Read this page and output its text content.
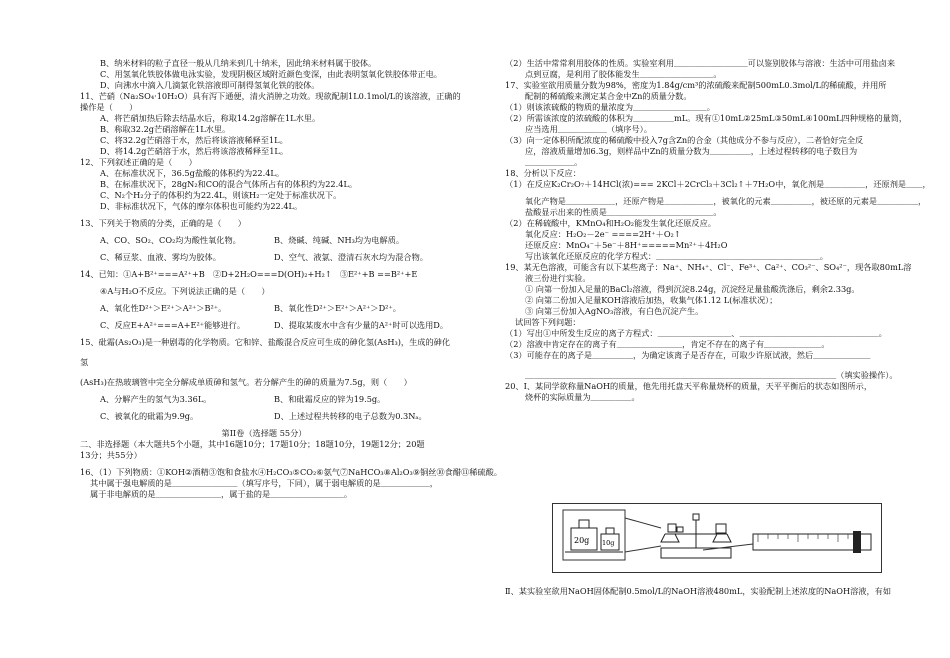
B、纳米材料的粒子直径一般从几纳米到几十纳米，因此纳米材料属于胶体。
C、用氢氧化铁胶体做电泳实验，发现阴极区域附近颜色变深，由此表明氢氧化铁胶体带正电。
D、向沸水中滴入几滴氯化铁溶液即可制得氢氧化铁的胶体。
11、芒硝（Na₂SO₄·10H₂O）具有泻下通便，清火消肿之功效。现欲配制1L0.1mol/L的该溶液，正确的
操作是（　　）
A、将芒硝加热后除去结晶水后，称取14.2g溶解在1L水里。
B、称取32.2g芒硝溶解在1L水里。
C、将32.2g芒硝溶于水，然后将该溶液稀释至1L。
D、将14.2g芒硝溶于水，然后将该溶液稀释至1L。
12、下列叙述正确的是（　　）
A、在标准状况下，36.5g盐酸的体积约为22.4L。
B、在标准状况下，28gN₂和CO的混合气体所占有的体积约为22.4L。
C、N₂个H₂分子的体积约为22.4L，则该H₂一定处于标准状况下。
D、非标准状况下，气体的摩尔体积也可能约为22.4L。
13、下列关于物质的分类，正确的是（　　）
A、CO、SO₂、CO₂均为酸性氧化物。	B、烧碱、纯碱、NH₃均为电解质。
C、稀豆浆、血液、雾均为胶体。	D、空气、液氯、澄清石灰水均为混合物。
14、已知：①A+B²⁺===A²⁺+B　②D+2H₂O===D(OH)₂+H₂↑　③E²⁺+B ==B²⁺+E
④A与H₂O不反应。下列说法正确的是（　　）
A、氧化性D²⁺＞E²⁺＞A²⁺＞B²⁺。	B、氧化性D²⁺＞E²⁺＞A²⁺＞D²⁺。
C、反应E+A²⁺===A+E²⁺能够进行。	D、提取某废水中含有少量的A²⁺时可以选用D。
15、砒霜(As₂O₃)是一种剧毒的化学物质。它和锌、盐酸混合反应可生成的砷化氢(AsH₃)，生成的砷化
氢
(AsH₃)在热玻璃管中完全分解成单质砷和氢气。若分解产生的砷的质量为7.5g，则（　　）
A、分解产生的氢气为3.36L。	B、和砒霜反应的锌为19.5g。
C、被氧化的砒霜为9.9g。	D、上述过程共转移的电子总数为0.3Nₐ。
第II卷（选择题 55分）
二、非选择题（本大题共5个小题，其中16题10分；17题10分；18题10分，19题12分；20题
13分；共55分）
16、（1）下列物质：①KOH②酒精③饱和食盐水④H₂CO₃⑤CO₂⑥氨气⑦NaHCO₃⑧Al₂O₃⑨铜丝⑩食醋⑪稀硫酸。
其中属于强电解质的是＿＿＿＿＿＿＿＿（填写序号，下同），属于弱电解质的是＿＿＿＿＿＿，
属于非电解质的是＿＿＿＿＿＿＿＿，属于盐的是＿＿＿＿＿＿＿＿＿。
（2）生活中常常利用胶体的性质。实验室利用＿＿＿＿＿＿＿＿＿可以鉴别胶体与溶液：生活中可用盐卤来
点到豆腐，是利用了胶体能发生＿＿＿＿＿＿＿＿＿。
17、实验室欲用质量分数为98%，密度为1.84g/cm³的浓硫酸来配制500mL0.3mol/L的稀硫酸，并用所
配制的稀硫酸来测定某合金中Zn的质量分数。
（1）则该浓硫酸的物质的量浓度为＿＿＿＿＿＿＿＿＿。
（2）所需该浓度的浓硫酸的体积为＿＿＿＿＿mL。现有①10mL②25mL③50mL④100mL四种规格的量筒，
应当选用＿＿＿＿＿＿（填序号）。
（3）向一定体积所配浓度的稀硫酸中投入7g含Zn的合金（其他成分不参与反应），二者恰好完全反
应，溶液质量增加6.3g，则样品中Zn的质量分数为＿＿＿＿＿，上述过程转移的电子数目为
＿＿＿＿＿＿。
18、分析以下反应：
（1）在反应K₂Cr₂O₇＋14HCl(浓)=== 2KCl＋2CrCl₃＋3Cl₂↑＋7H₂O中，氧化剂是＿＿＿＿＿，还原剂是＿＿，
氧化产物是＿＿＿＿＿＿，还原产物是＿＿＿＿＿＿，被氧化的元素＿＿＿＿＿，被还原的元素是＿＿＿＿＿，
盐酸显示出来的性质是＿＿＿＿＿＿＿＿＿＿＿＿＿。
（2）在稀硫酸中，KMnO₄和H₂O₂能发生氧化还原反应。
氧化反应：H₂O₂－2e⁻ ====2H⁺＋O₂↑
还原反应：MnO₄⁻＋5e⁻＋8H⁺=====Mn²⁺＋4H₂O
写出该氧化还原反应的化学方程式：＿＿＿＿＿＿＿＿＿＿＿＿＿＿＿＿＿＿＿＿。
19、某无色溶液，可能含有以下某些离子：Na⁺、NH₄⁺、Cl⁻、Fe³⁺、Ca²⁺、CO₃²⁻、SO₄²⁻，现各取80mL溶
液三份进行实验。
① 向第一份加入足量的BaCl₂溶液，得到沉淀8.24g，沉淀经足量盐酸洗涤后，剩余2.33g。
② 向第二份加入足量KOH溶液后加热，收集气体1.12 L(标准状况）；
③ 向第三份加入AgNO₃溶液，有白色沉淀产生。
试回答下列问题：
（1）写出①中所发生反应的离子方程式：＿＿＿＿＿＿＿＿＿、＿＿＿＿＿＿＿＿＿＿＿＿＿＿＿＿＿。
（2）溶液中肯定存在的离子有＿＿＿＿＿＿＿＿，肯定不存在的离子有＿＿＿＿＿＿＿。
（3）可能存在的离子是＿＿＿＿＿，为确定该离子是否存在，可取少许原试液，然后＿＿＿＿＿＿＿
＿＿＿＿＿＿＿＿＿＿＿＿＿＿＿＿＿＿＿＿＿＿＿＿＿＿＿＿＿＿＿＿＿＿＿＿＿＿（填实验操作）。
20、Ⅰ、某同学欲称量NaOH的质量，他先用托盘天平称量烧杯的质量，天平平衡后的状态如图所示，
烧杯的实际质量为＿＿＿＿＿。
20g 10g
Ⅱ、某实验室欲用NaOH固体配制0.5mol/L的NaOH溶液480mL，实验配制上述浓度的NaOH溶液，有如
